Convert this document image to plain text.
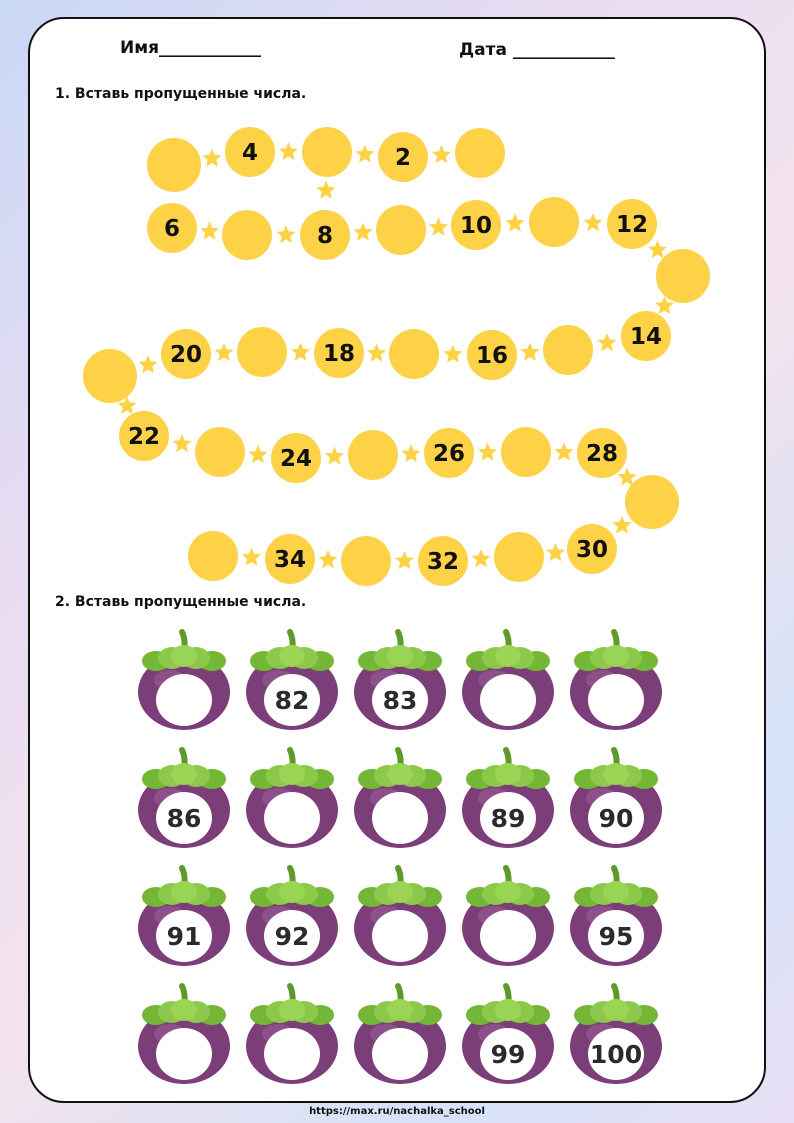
Имя____________	Дата ____________
1. Вставь пропущенные числа.
4	2
6	8	10	12
14
16
18
20
22
24	26	28
30
32
34
2. Вставь пропущенные числа.
82	83
86	89	90
91	92	95
99	100
https://max.ru/nachalka_school
